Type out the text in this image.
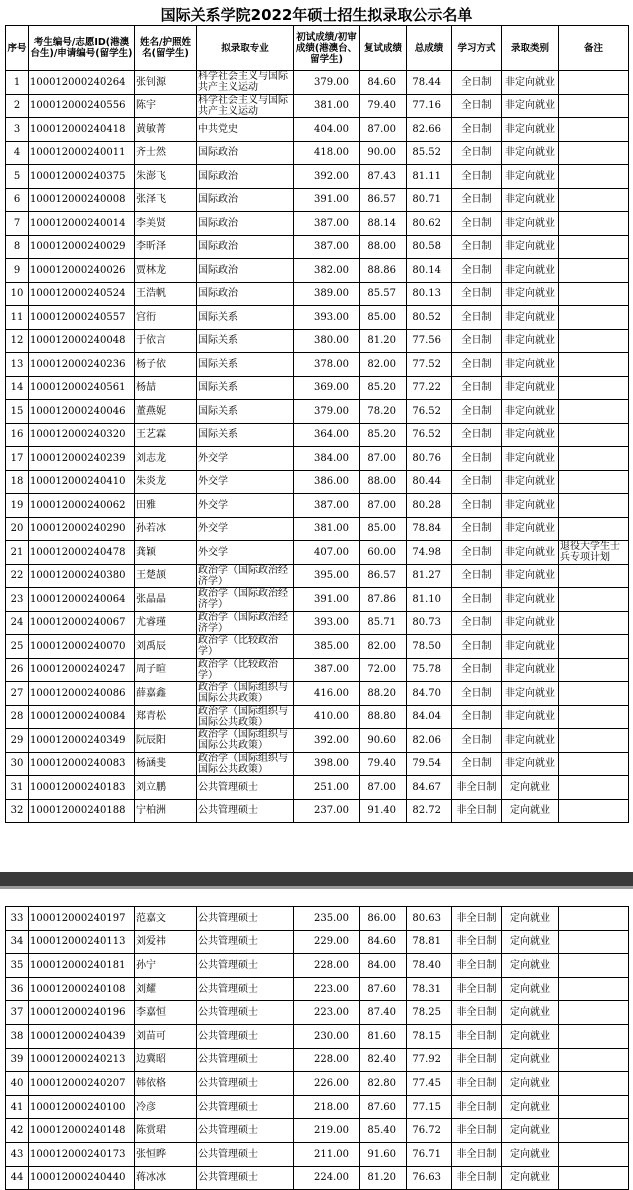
国际关系学院2022年硕士招生拟录取公示名单
序号	考生编号/志愿ID(港澳台生)/申请编号(留学生)	姓名/护照姓名(留学生)	拟录取专业	初试成绩/初审成绩(港澳台、留学生)	复试成绩	总成绩	学习方式	录取类别	备注
1	100012000240264	张钊源	科学社会主义与国际共产主义运动	379.00	84.60	78.44	全日制	非定向就业	
2	100012000240556	陈宇	科学社会主义与国际共产主义运动	381.00	79.40	77.16	全日制	非定向就业	
3	100012000240418	黄敏菁	中共党史	404.00	87.00	82.66	全日制	非定向就业	
4	100012000240011	齐士然	国际政治	418.00	90.00	85.52	全日制	非定向就业	
5	100012000240375	朱澎飞	国际政治	392.00	87.43	81.11	全日制	非定向就业	
6	100012000240008	张泽飞	国际政治	391.00	86.57	80.71	全日制	非定向就业	
7	100012000240014	李美贤	国际政治	387.00	88.14	80.62	全日制	非定向就业	
8	100012000240029	李昕泽	国际政治	387.00	88.00	80.58	全日制	非定向就业	
9	100012000240026	贾林龙	国际政治	382.00	88.86	80.14	全日制	非定向就业	
10	100012000240524	王浩帆	国际政治	389.00	85.57	80.13	全日制	非定向就业	
11	100012000240557	宫衎	国际关系	393.00	85.00	80.52	全日制	非定向就业	
12	100012000240048	于依言	国际关系	380.00	81.20	77.56	全日制	非定向就业	
13	100012000240236	杨子依	国际关系	378.00	82.00	77.52	全日制	非定向就业	
14	100012000240561	杨喆	国际关系	369.00	85.20	77.22	全日制	非定向就业	
15	100012000240046	董燕妮	国际关系	379.00	78.20	76.52	全日制	非定向就业	
16	100012000240320	王艺霖	国际关系	364.00	85.20	76.52	全日制	非定向就业	
17	100012000240239	刘志龙	外交学	384.00	87.00	80.76	全日制	非定向就业	
18	100012000240410	朱炎龙	外交学	386.00	88.00	80.44	全日制	非定向就业	
19	100012000240062	田雅	外交学	387.00	87.00	80.28	全日制	非定向就业	
20	100012000240290	孙若冰	外交学	381.00	85.00	78.84	全日制	非定向就业	
21	100012000240478	龚颖	外交学	407.00	60.00	74.98	全日制	非定向就业	退役大学生士兵专项计划
22	100012000240380	王楚颉	政治学（国际政治经济学）	395.00	86.57	81.27	全日制	非定向就业	
23	100012000240064	张晶晶	政治学（国际政治经济学）	391.00	87.86	81.10	全日制	非定向就业	
24	100012000240067	尤睿瑾	政治学（国际政治经济学）	393.00	85.71	80.73	全日制	非定向就业	
25	100012000240070	刘禹辰	政治学（比较政治学）	385.00	82.00	78.50	全日制	非定向就业	
26	100012000240247	周子暄	政治学（比较政治学）	387.00	72.00	75.78	全日制	非定向就业	
27	100012000240086	薛嘉鑫	政治学（国际组织与国际公共政策）	416.00	88.20	84.70	全日制	非定向就业	
28	100012000240084	郑青松	政治学（国际组织与国际公共政策）	410.00	88.80	84.04	全日制	非定向就业	
29	100012000240349	阮辰阳	政治学（国际组织与国际公共政策）	392.00	90.60	82.06	全日制	非定向就业	
30	100012000240083	杨涵斐	政治学（国际组织与国际公共政策）	398.00	79.40	79.54	全日制	非定向就业	
31	100012000240183	刘立鹏	公共管理硕士	251.00	87.00	84.67	非全日制	定向就业	
32	100012000240188	宁柏洲	公共管理硕士	237.00	91.40	82.72	非全日制	定向就业	
33	100012000240197	范嘉文	公共管理硕士	235.00	86.00	80.63	非全日制	定向就业	
34	100012000240113	刘爱祎	公共管理硕士	229.00	84.60	78.81	非全日制	定向就业	
35	100012000240181	孙宁	公共管理硕士	228.00	84.00	78.40	非全日制	定向就业	
36	100012000240108	刘耀	公共管理硕士	223.00	87.60	78.31	非全日制	定向就业	
37	100012000240196	李嘉恒	公共管理硕士	223.00	87.40	78.25	非全日制	定向就业	
38	100012000240439	刘苗可	公共管理硕士	230.00	81.60	78.15	非全日制	定向就业	
39	100012000240213	边冀昭	公共管理硕士	228.00	82.40	77.92	非全日制	定向就业	
40	100012000240207	韩依格	公共管理硕士	226.00	82.80	77.45	非全日制	定向就业	
41	100012000240100	冷彦	公共管理硕士	218.00	87.60	77.15	非全日制	定向就业	
42	100012000240148	陈赏珺	公共管理硕士	219.00	85.40	76.72	非全日制	定向就业	
43	100012000240173	张恒晔	公共管理硕士	211.00	91.60	76.71	非全日制	定向就业	
44	100012000240440	蒋冰冰	公共管理硕士	224.00	81.20	76.63	非全日制	定向就业	
